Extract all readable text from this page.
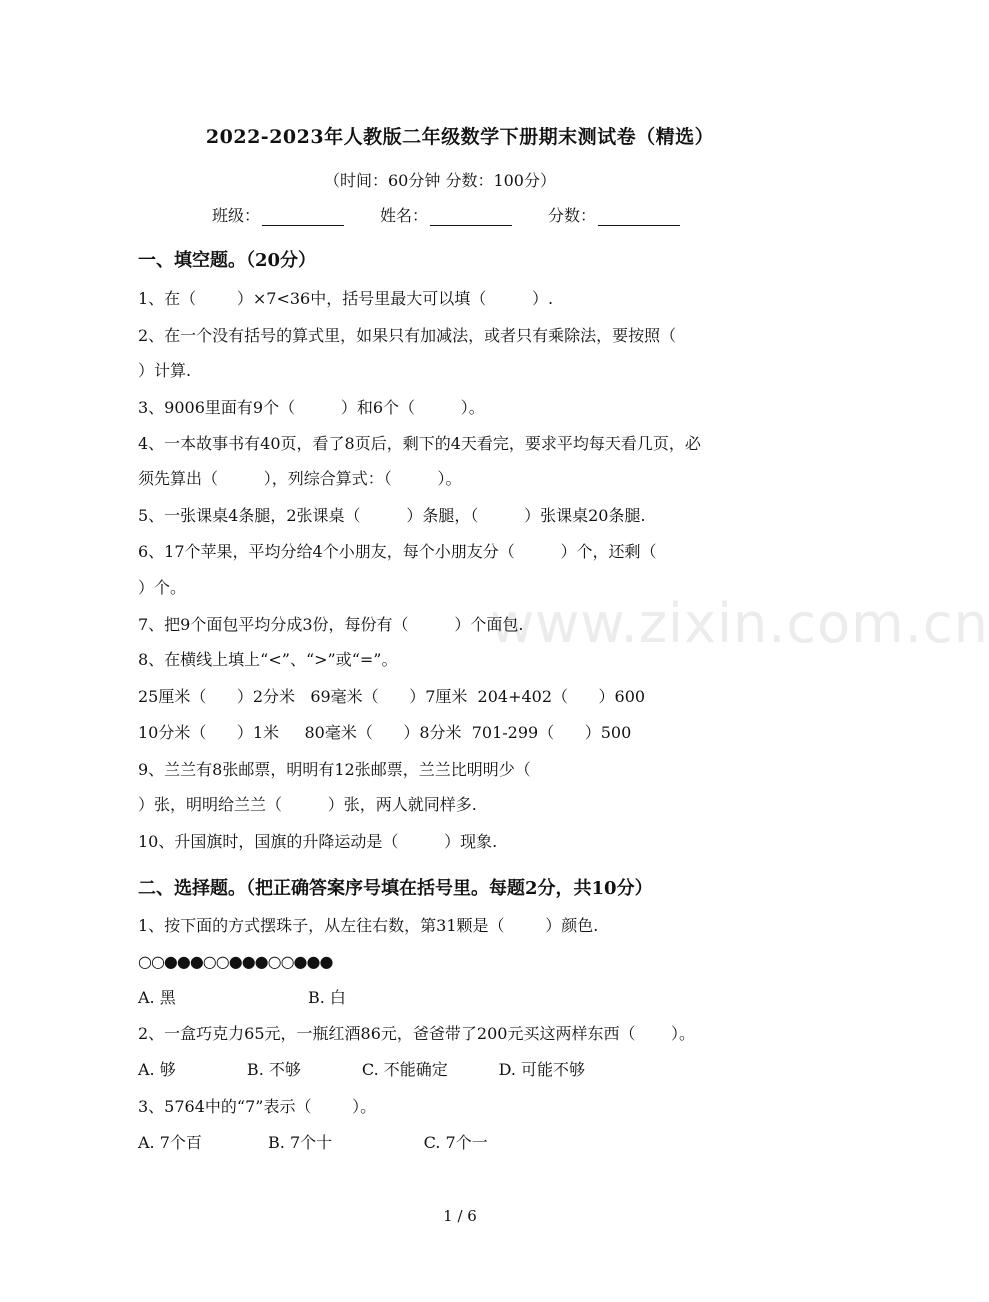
www.zixin.com.cn
2022-2023年人教版二年级数学下册期末测试卷（精选）
（时间：60分钟 分数：100分）
班级：	姓名：	分数：
一、填空题。（20分）
1、在（        ）×7<36中，括号里最大可以填（         ）.
2、在一个没有括号的算式里，如果只有加减法，或者只有乘除法，要按照（
）计算.
3、9006里面有9个（         ）和6个（         ）。
4、一本故事书有40页，看了8页后，剩下的4天看完，要求平均每天看几页，必
须先算出（         ），列综合算式：（         ）。
5、一张课桌4条腿，2张课桌（         ）条腿，（         ）张课桌20条腿.
6、17个苹果，平均分给4个小朋友，每个小朋友分（         ）个，还剩（
）个。
7、把9个面包平均分成3份，每份有（         ）个面包.
8、在横线上填上“<”、“>”或“=”。
25厘米（      ）2分米   69毫米（      ）7厘米  204+402（      ）600
10分米（      ）1米     80毫米（      ）8分米  701-299（      ）500
9、兰兰有8张邮票，明明有12张邮票，兰兰比明明少（
）张，明明给兰兰（         ）张，两人就同样多.
10、升国旗时，国旗的升降运动是（         ）现象.
二、选择题。（把正确答案序号填在括号里。每题2分，共10分）
1、按下面的方式摆珠子，从左往右数，第31颗是（        ）颜色.
○○●●●○○●●●○○●●●
A. 黑                          B. 白
2、一盒巧克力65元，一瓶红酒86元，爸爸带了200元买这两样东西（       ）。
A. 够              B. 不够            C. 不能确定          D. 可能不够
3、5764中的“7”表示（        ）。
A. 7个百             B. 7个十                  C. 7个一
1 / 6
